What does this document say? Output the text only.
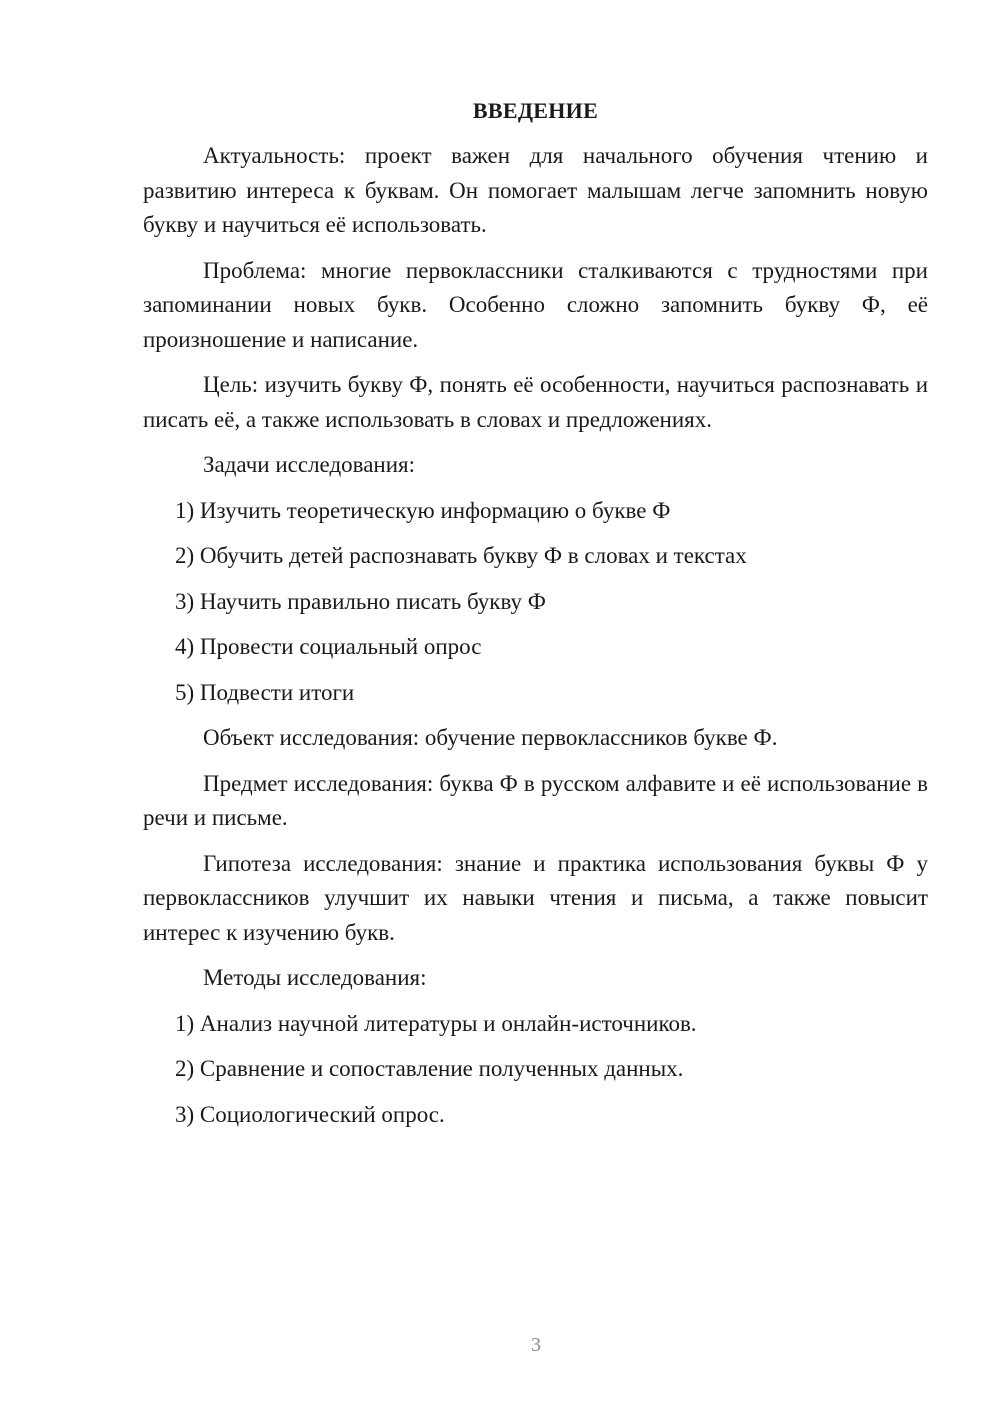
ВВЕДЕНИЕ

Актуальность: проект важен для начального обучения чтению и развитию интереса к буквам. Он помогает малышам легче запомнить новую букву и научиться её использовать.

Проблема: многие первоклассники сталкиваются с трудностями при запоминании новых букв. Особенно сложно запомнить букву Ф, её произношение и написание.

Цель: изучить букву Ф, понять её особенности, научиться распознавать и писать её, а также использовать в словах и предложениях.

Задачи исследования:

1) Изучить теоретическую информацию о букве Ф
2) Обучить детей распознавать букву Ф в словах и текстах
3) Научить правильно писать букву Ф
4) Провести социальный опрос
5) Подвести итоги

Объект исследования: обучение первоклассников букве Ф.

Предмет исследования: буква Ф в русском алфавите и её использование в речи и письме.

Гипотеза исследования: знание и практика использования буквы Ф у первоклассников улучшит их навыки чтения и письма, а также повысит интерес к изучению букв.

Методы исследования:

1) Анализ научной литературы и онлайн-источников.
2) Сравнение и сопоставление полученных данных.
3) Социологический опрос.
3
